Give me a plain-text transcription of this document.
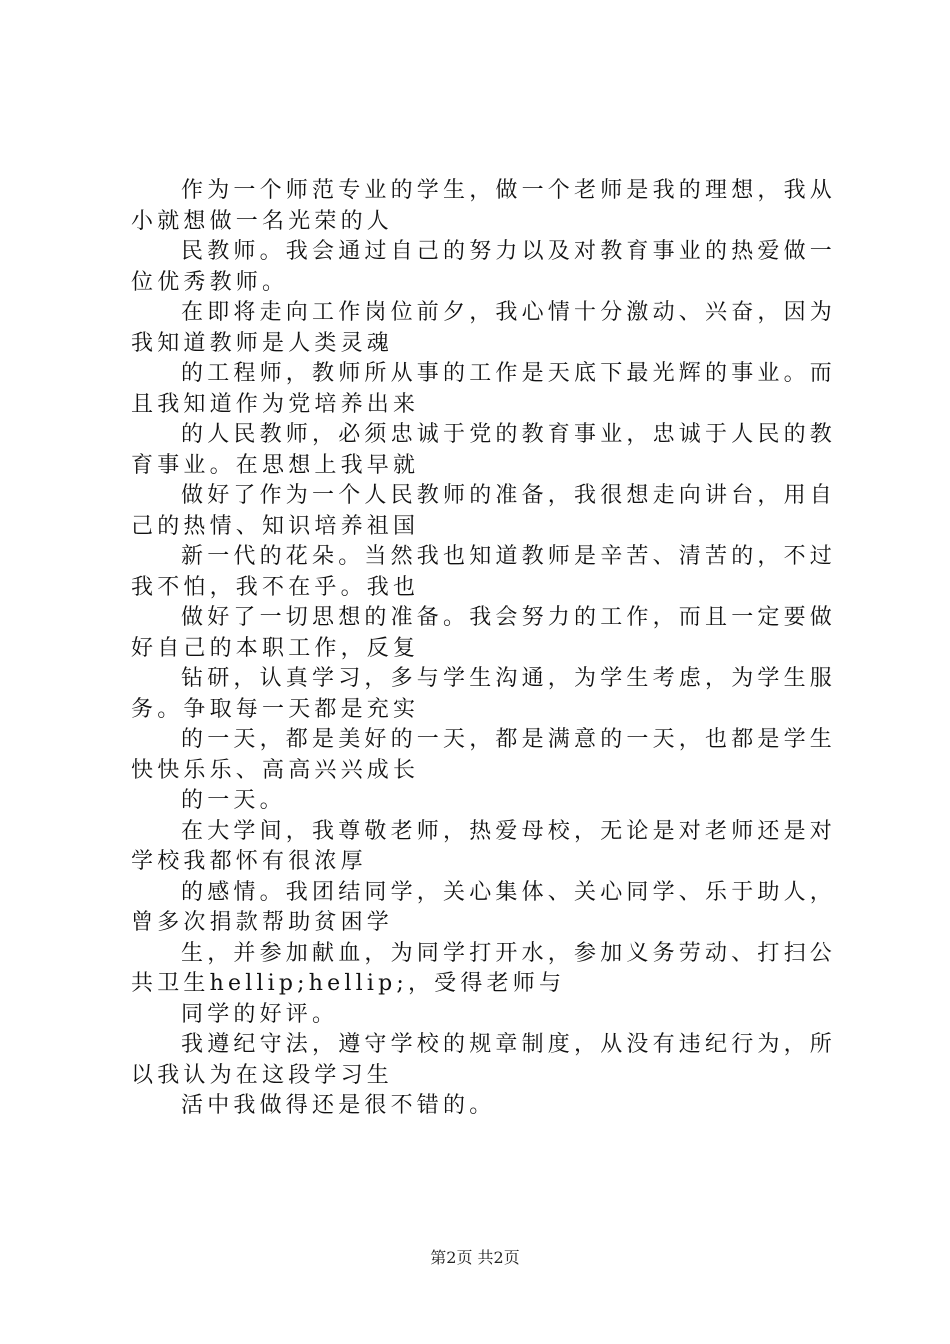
作为一个师范专业的学生，做一个老师是我的理想，我从
小就想做一名光荣的人
民教师。我会通过自己的努力以及对教育事业的热爱做一
位优秀教师。
在即将走向工作岗位前夕，我心情十分激动、兴奋，因为
我知道教师是人类灵魂
的工程师，教师所从事的工作是天底下最光辉的事业。而
且我知道作为党培养出来
的人民教师，必须忠诚于党的教育事业，忠诚于人民的教
育事业。在思想上我早就
做好了作为一个人民教师的准备，我很想走向讲台，用自
己的热情、知识培养祖国
新一代的花朵。当然我也知道教师是辛苦、清苦的，不过
我不怕，我不在乎。我也
做好了一切思想的准备。我会努力的工作，而且一定要做
好自己的本职工作，反复
钻研，认真学习，多与学生沟通，为学生考虑，为学生服
务。争取每一天都是充实
的一天，都是美好的一天，都是满意的一天，也都是学生
快快乐乐、高高兴兴成长
的一天。
在大学间，我尊敬老师，热爱母校，无论是对老师还是对
学校我都怀有很浓厚
的感情。我团结同学，关心集体、关心同学、乐于助人，
曾多次捐款帮助贫困学
生，并参加献血，为同学打开水，参加义务劳动、打扫公
共卫生hellip;hellip;，受得老师与
同学的好评。
我遵纪守法，遵守学校的规章制度，从没有违纪行为，所
以我认为在这段学习生
活中我做得还是很不错的。
第2页 共2页
